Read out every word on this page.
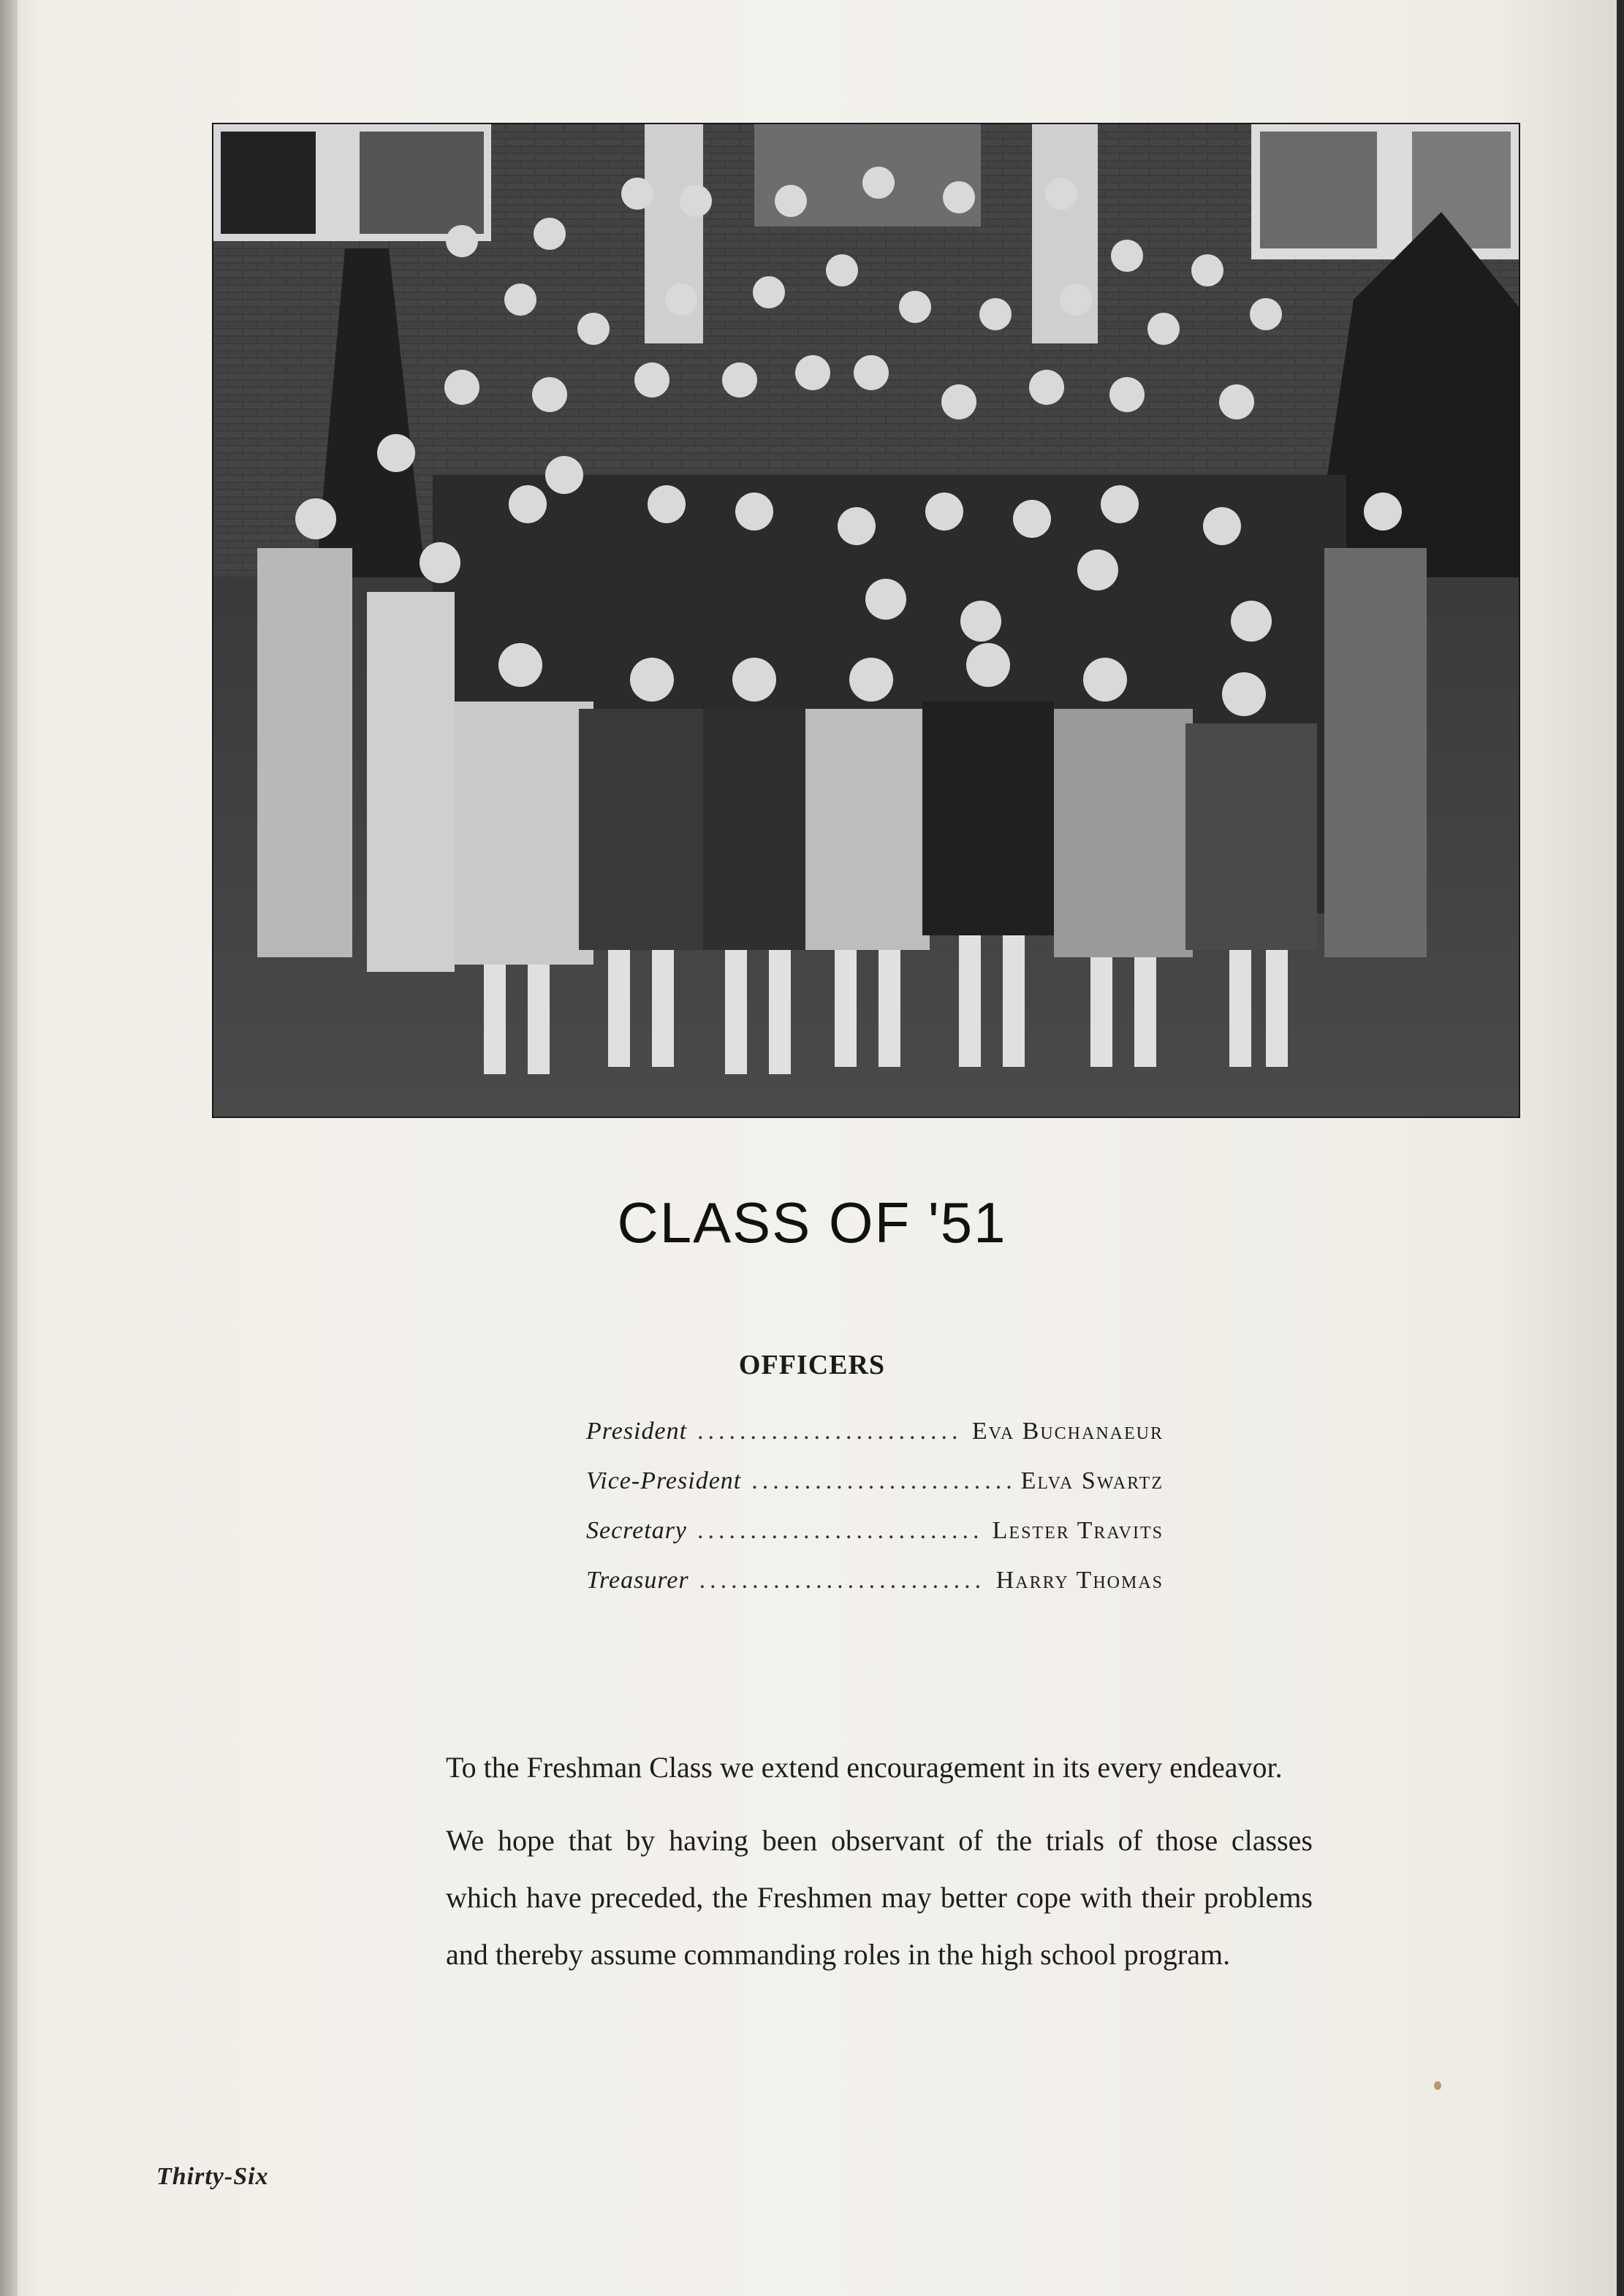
CLASS OF '51
OFFICERS
President .....	Eva Buchanaeur
Vice-President .....	Elva Swartz
Secretary .....	Lester Travits
Treasurer .....	Harry Thomas

To the Freshman Class we extend encouragement in its every endeavor.

We hope that by having been observant of the trials of those classes which have preceded, the Freshmen may better cope with their problems and thereby assume commanding roles in the high school program.

Thirty-Six
